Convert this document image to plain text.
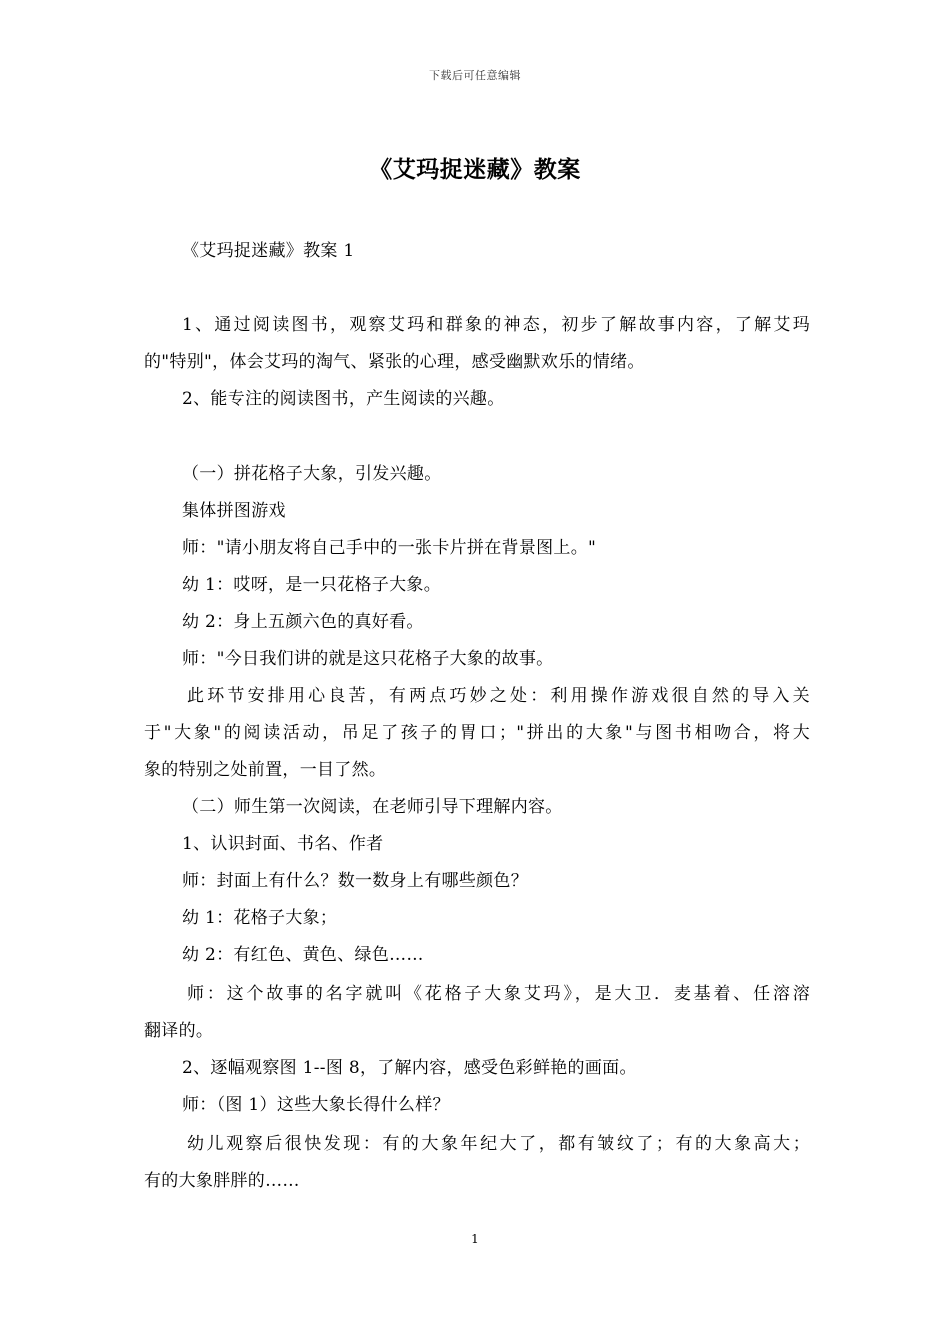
下载后可任意编辑
《艾玛捉迷藏》教案
《艾玛捉迷藏》教案 1
1、通过阅读图书，观察艾玛和群象的神态，初步了解故事内容，了解艾玛
的"特别"，体会艾玛的淘气、紧张的心理，感受幽默欢乐的情绪。
2、能专注的阅读图书，产生阅读的兴趣。
（一）拼花格子大象，引发兴趣。
集体拼图游戏
师："请小朋友将自己手中的一张卡片拼在背景图上。"
幼 1：哎呀，是一只花格子大象。
幼 2：身上五颜六色的真好看。
师："今日我们讲的就是这只花格子大象的故事。
此环节安排用心良苦，有两点巧妙之处：利用操作游戏很自然的导入关
于"大象"的阅读活动，吊足了孩子的胃口；"拼出的大象"与图书相吻合，将大
象的特别之处前置，一目了然。
（二）师生第一次阅读，在老师引导下理解内容。
1、认识封面、书名、作者
师：封面上有什么？数一数身上有哪些颜色？
幼 1：花格子大象；
幼 2：有红色、黄色、绿色……
师：这个故事的名字就叫《花格子大象艾玛》，是大卫．麦基着、任溶溶
翻译的。
2、逐幅观察图 1--图 8，了解内容，感受色彩鲜艳的画面。
师：（图 1）这些大象长得什么样？
幼儿观察后很快发现：有的大象年纪大了，都有皱纹了；有的大象高大；
有的大象胖胖的……
1
